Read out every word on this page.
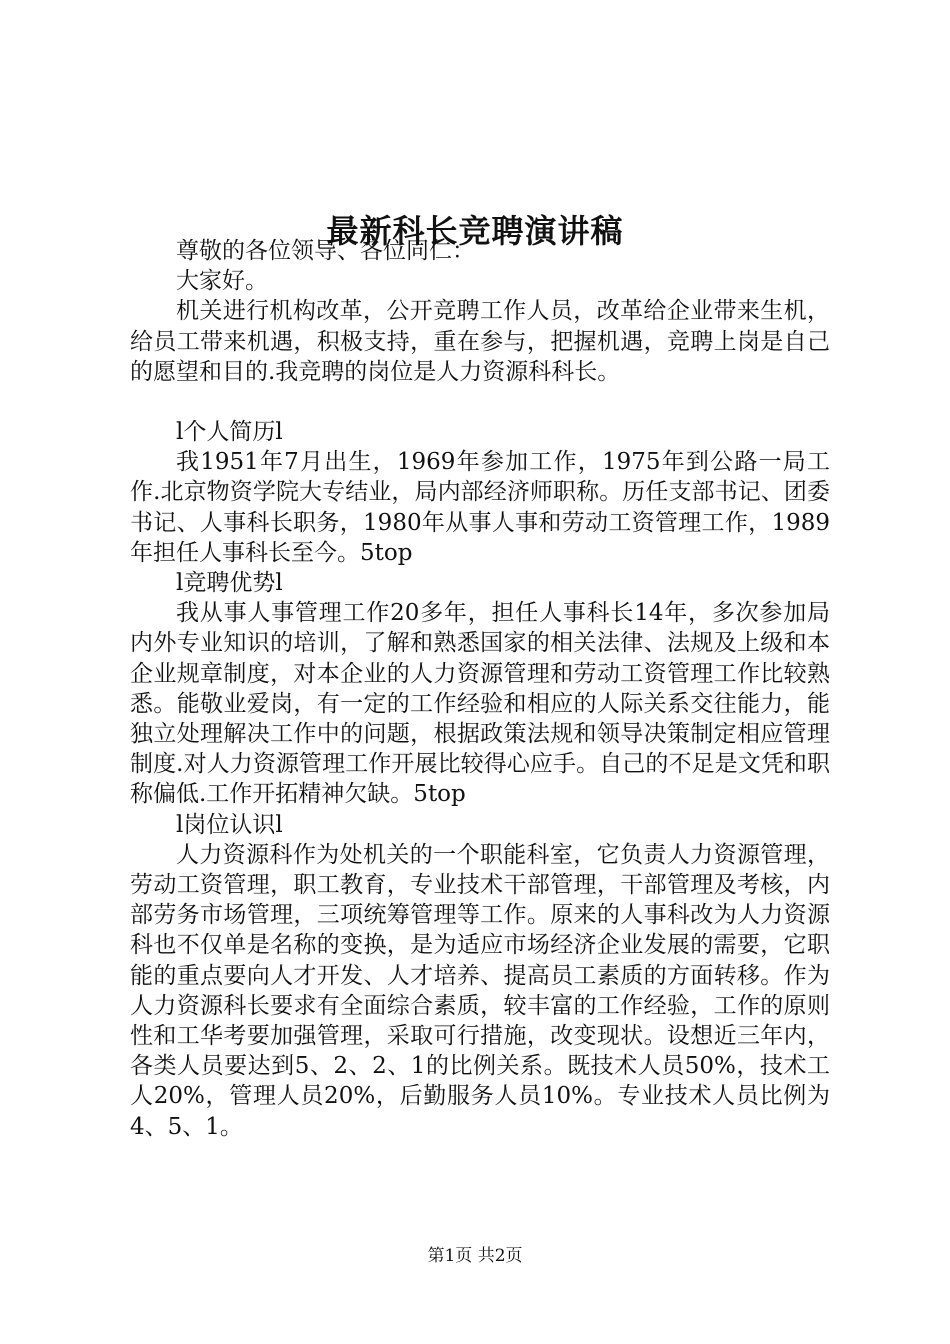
最新科长竞聘演讲稿

尊敬的各位领导、各位同仁：

大家好。

机关进行机构改革，公开竞聘工作人员，改革给企业带来生机，给员工带来机遇，积极支持，重在参与，把握机遇，竞聘上岗是自己的愿望和目的.我竞聘的岗位是人力资源科科长。

l个人简历l

我1951年7月出生，1969年参加工作，1975年到公路一局工作.北京物资学院大专结业，局内部经济师职称。历任支部书记、团委书记、人事科长职务，1980年从事人事和劳动工资管理工作，1989年担任人事科长至今。5top

l竞聘优势l

我从事人事管理工作20多年，担任人事科长14年，多次参加局内外专业知识的培训，了解和熟悉国家的相关法律、法规及上级和本企业规章制度，对本企业的人力资源管理和劳动工资管理工作比较熟悉。能敬业爱岗，有一定的工作经验和相应的人际关系交往能力，能独立处理解决工作中的问题，根据政策法规和领导决策制定相应管理制度.对人力资源管理工作开展比较得心应手。自己的不足是文凭和职称偏低.工作开拓精神欠缺。5top

l岗位认识l

人力资源科作为处机关的一个职能科室，它负责人力资源管理，劳动工资管理，职工教育，专业技术干部管理，干部管理及考核，内部劳务市场管理，三项统筹管理等工作。原来的人事科改为人力资源科也不仅单是名称的变换，是为适应市场经济企业发展的需要，它职能的重点要向人才开发、人才培养、提高员工素质的方面转移。作为人力资源科长要求有全面综合素质，较丰富的工作经验，工作的原则性和工华考要加强管理，采取可行措施，改变现状。设想近三年内，各类人员要达到5、2、2、1的比例关系。既技术人员50%，技术工人20%，管理人员20%，后勤服务人员10%。专业技术人员比例为4、5、1。

第1页 共2页
